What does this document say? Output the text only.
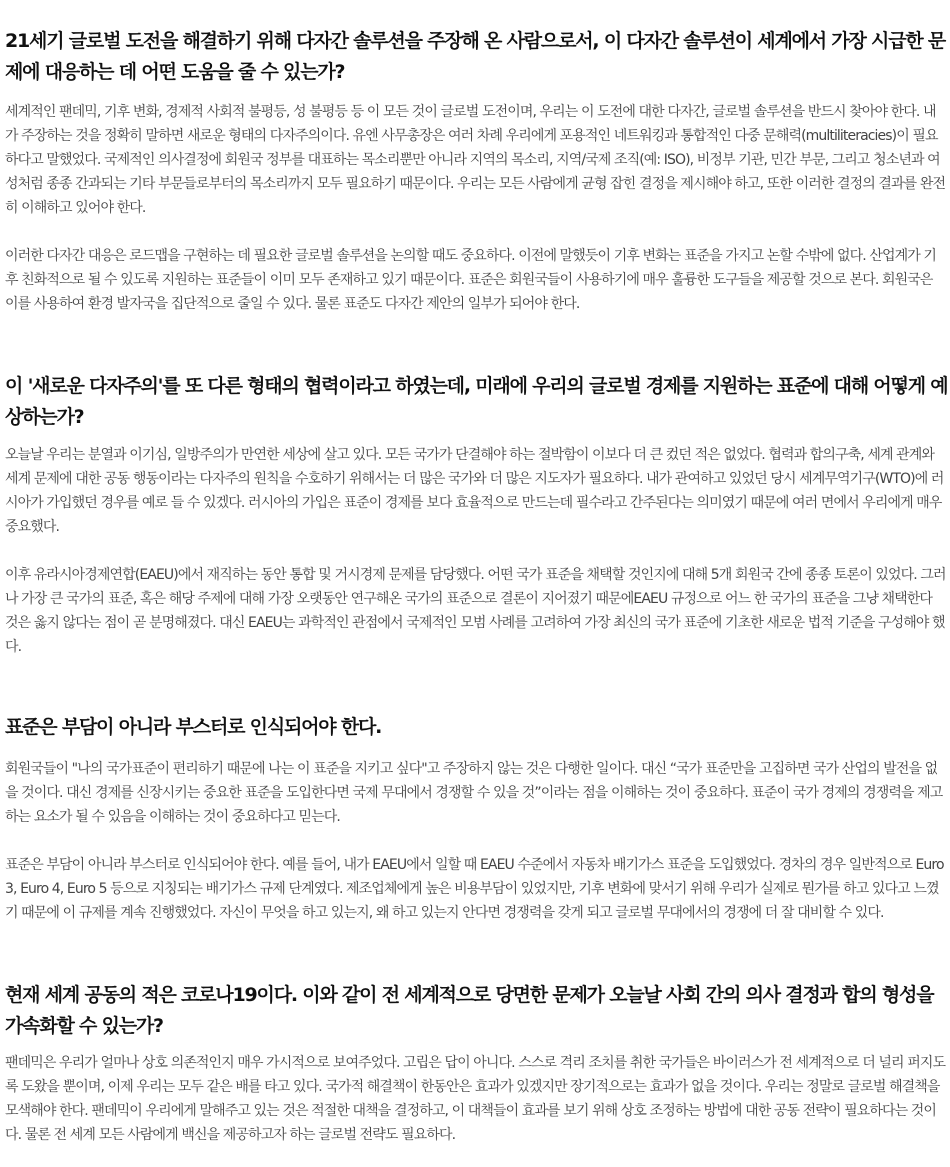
21세기 글로벌 도전을 해결하기 위해 다자간 솔루션을 주장해 온 사람으로서, 이 다자간 솔루션이 세계에서 가장 시급한 문제에 대응하는 데 어떤 도움을 줄 수 있는가?

세계적인 팬데믹, 기후 변화, 경제적 사회적 불평등, 성 불평등 등 이 모든 것이 글로벌 도전이며, 우리는 이 도전에 대한 다자간, 글로벌 솔루션을 반드시 찾아야 한다. 내가 주장하는 것을 정확히 말하면 새로운 형태의 다자주의이다. 유엔 사무총장은 여러 차례 우리에게 포용적인 네트워킹과 통합적인 다중 문해력(multiliteracies)이 필요하다고 말했었다. 국제적인 의사결정에 회원국 정부를 대표하는 목소리뿐만 아니라 지역의 목소리, 지역/국제 조직(예: ISO), 비정부 기관, 민간 부문, 그리고 청소년과 여성처럼 종종 간과되는 기타 부문들로부터의 목소리까지 모두 필요하기 때문이다. 우리는 모든 사람에게 균형 잡힌 결정을 제시해야 하고, 또한 이러한 결정의 결과를 완전히 이해하고 있어야 한다.

이러한 다자간 대응은 로드맵을 구현하는 데 필요한 글로벌 솔루션을 논의할 때도 중요하다. 이전에 말했듯이 기후 변화는 표준을 가지고 논할 수밖에 없다. 산업계가 기후 친화적으로 될 수 있도록 지원하는 표준들이 이미 모두 존재하고 있기 때문이다. 표준은 회원국들이 사용하기에 매우 훌륭한 도구들을 제공할 것으로 본다. 회원국은 이를 사용하여 환경 발자국을 집단적으로 줄일 수 있다. 물론 표준도 다자간 제안의 일부가 되어야 한다.

이 '새로운 다자주의'를 또 다른 형태의 협력이라고 하였는데, 미래에 우리의 글로벌 경제를 지원하는 표준에 대해 어떻게 예상하는가?

오늘날 우리는 분열과 이기심, 일방주의가 만연한 세상에 살고 있다. 모든 국가가 단결해야 하는 절박함이 이보다 더 큰 컸던 적은 없었다. 협력과 합의구축, 세계 관계와 세계 문제에 대한 공동 행동이라는 다자주의 원칙을 수호하기 위해서는 더 많은 국가와 더 많은 지도자가 필요하다. 내가 관여하고 있었던 당시 세계무역기구(WTO)에 러시아가 가입했던 경우를 예로 들 수 있겠다. 러시아의 가입은 표준이 경제를 보다 효율적으로 만드는데 필수라고 간주된다는 의미였기 때문에 여러 면에서 우리에게 매우 중요했다.

이후 유라시아경제연합(EAEU)에서 재직하는 동안 통합 및 거시경제 문제를 담당했다. 어떤 국가 표준을 채택할 것인지에 대해 5개 회원국 간에 종종 토론이 있었다. 그러나 가장 큰 국가의 표준, 혹은 해당 주제에 대해 가장 오랫동안 연구해온 국가의 표준으로 결론이 지어졌기 때문에EAEU 규정으로 어느 한 국가의 표준을 그냥 채택한다 것은 옳지 않다는 점이 곧 분명해졌다. 대신 EAEU는 과학적인 관점에서 국제적인 모범 사례를 고려하여 가장 최신의 국가 표준에 기초한 새로운 법적 기준을 구성해야 했다.

표준은 부담이 아니라 부스터로 인식되어야 한다.

회원국들이 "나의 국가표준이 편리하기 때문에 나는 이 표준을 지키고 싶다"고 주장하지 않는 것은 다행한 일이다. 대신 “국가 표준만을 고집하면 국가 산업의 발전을 없을 것이다. 대신 경제를 신장시키는 중요한 표준을 도입한다면 국제 무대에서 경쟁할 수 있을 것”이라는 점을 이해하는 것이 중요하다. 표준이 국가 경제의 경쟁력을 제고하는 요소가 될 수 있음을 이해하는 것이 중요하다고 믿는다.

표준은 부담이 아니라 부스터로 인식되어야 한다. 예를 들어, 내가 EAEU에서 일할 때 EAEU 수준에서 자동차 배기가스 표준을 도입했었다. 경차의 경우 일반적으로 Euro 3, Euro 4, Euro 5 등으로 지칭되는 배기가스 규제 단계였다. 제조업체에게 높은 비용부담이 있었지만, 기후 변화에 맞서기 위해 우리가 실제로 뭔가를 하고 있다고 느꼈기 때문에 이 규제를 계속 진행했었다. 자신이 무엇을 하고 있는지, 왜 하고 있는지 안다면 경쟁력을 갖게 되고 글로벌 무대에서의 경쟁에 더 잘 대비할 수 있다.

현재 세계 공동의 적은 코로나19이다. 이와 같이 전 세계적으로 당면한 문제가 오늘날 사회 간의 의사 결정과 합의 형성을 가속화할 수 있는가?

팬데믹은 우리가 얼마나 상호 의존적인지 매우 가시적으로 보여주었다. 고립은 답이 아니다. 스스로 격리 조치를 취한 국가들은 바이러스가 전 세계적으로 더 널리 퍼지도록 도왔을 뿐이며, 이제 우리는 모두 같은 배를 타고 있다. 국가적 해결책이 한동안은 효과가 있겠지만 장기적으로는 효과가 없을 것이다. 우리는 정말로 글로벌 해결책을 모색해야 한다. 팬데믹이 우리에게 말해주고 있는 것은 적절한 대책을 결정하고, 이 대책들이 효과를 보기 위해 상호 조정하는 방법에 대한 공동 전략이 필요하다는 것이다. 물론 전 세계 모든 사람에게 백신을 제공하고자 하는 글로벌 전략도 필요하다.
